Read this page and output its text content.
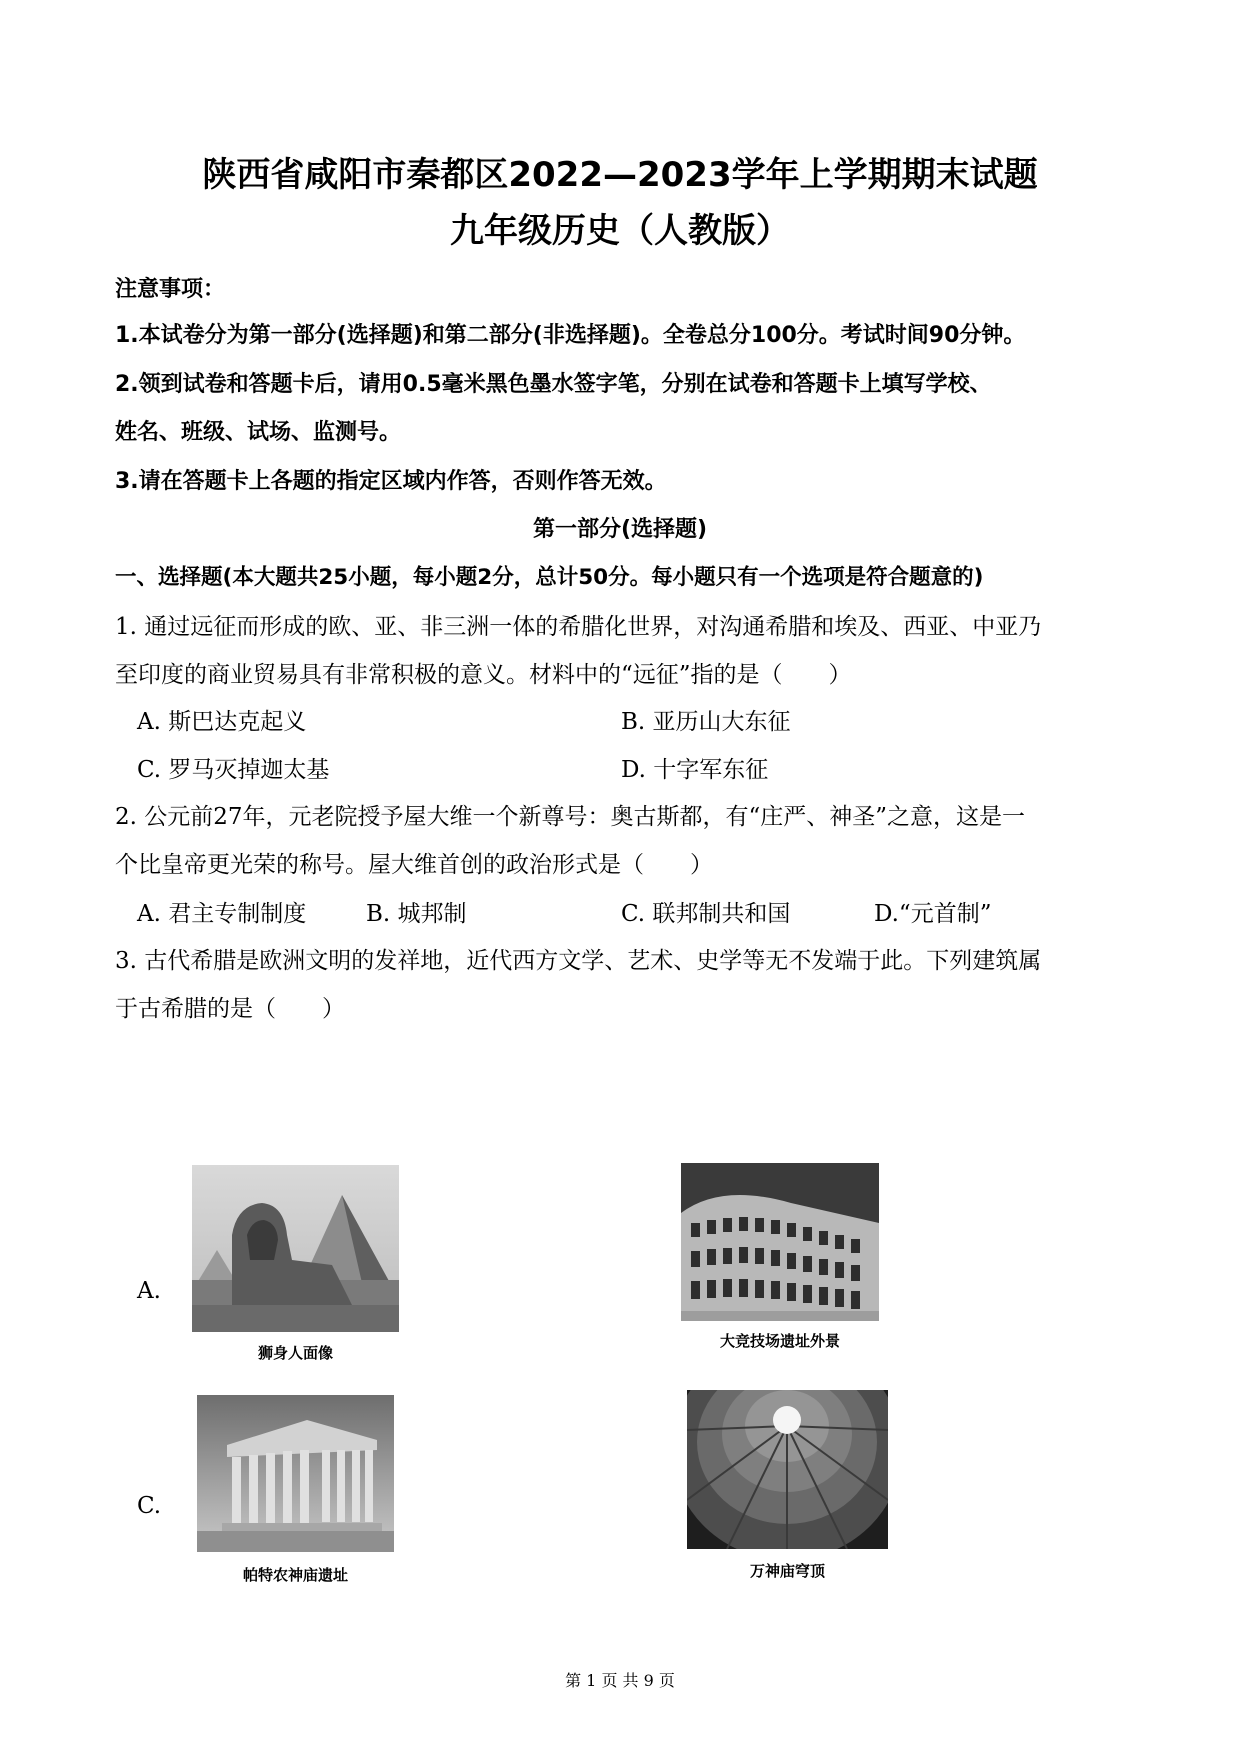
陕西省咸阳市秦都区2022—2023学年上学期期末试题
九年级历史（人教版）
注意事项：
1.本试卷分为第一部分(选择题)和第二部分(非选择题)。全卷总分100分。考试时间90分钟。
2.领到试卷和答题卡后，请用0.5毫米黑色墨水签字笔，分别在试卷和答题卡上填写学校、
姓名、班级、试场、监测号。
3.请在答题卡上各题的指定区域内作答，否则作答无效。
第一部分(选择题)
一、选择题(本大题共25小题，每小题2分，总计50分。每小题只有一个选项是符合题意的)
1. 通过远征而形成的欧、亚、非三洲一体的希腊化世界，对沟通希腊和埃及、西亚、中亚乃
至印度的商业贸易具有非常积极的意义。材料中的“远征”指的是（　　）
A. 斯巴达克起义	B. 亚历山大东征
C. 罗马灭掉迦太基	D. 十字军东征
2. 公元前27年，元老院授予屋大维一个新尊号：奥古斯都，有“庄严、神圣”之意，这是一
个比皇帝更光荣的称号。屋大维首创的政治形式是（　　）
A. 君主专制制度	B. 城邦制	C. 联邦制共和国	D.“元首制”
3. 古代希腊是欧洲文明的发祥地，近代西方文学、艺术、史学等无不发端于此。下列建筑属
于古希腊的是（　　）
A.
C.
狮身人面像
大竞技场遗址外景
帕特农神庙遗址	万神庙穹顶
第 1 页 共 9 页
